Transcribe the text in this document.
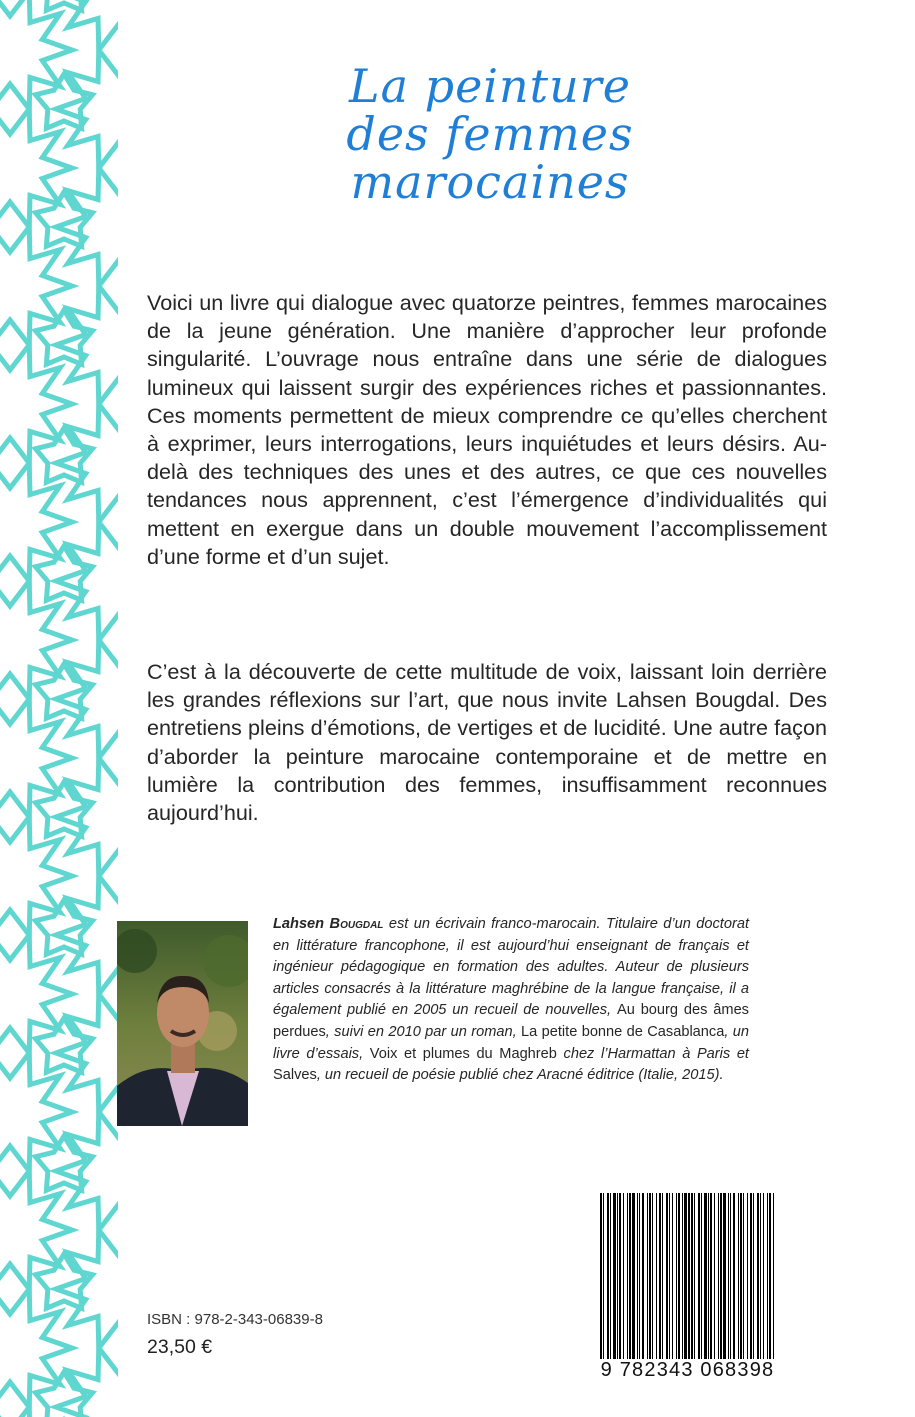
La peinture
des femmes
marocaines

Voici un livre qui dialogue avec quatorze peintres, femmes marocaines de la jeune génération. Une manière d’approcher leur profonde singularité. L’ouvrage nous entraîne dans une série de dialogues lumineux qui laissent surgir des expériences riches et passionnantes. Ces moments permettent de mieux comprendre ce qu’elles cherchent à exprimer, leurs interrogations, leurs inquiétudes et leurs désirs. Au-delà des techniques des unes et des autres, ce que ces nouvelles tendances nous apprennent, c’est l’émergence d’individualités qui mettent en exergue dans un double mouvement l’accomplissement d’une forme et d’un sujet.

C’est à la découverte de cette multitude de voix, laissant loin derrière les grandes réflexions sur l’art, que nous invite Lahsen Bougdal. Des entretiens pleins d’émotions, de vertiges et de lucidité. Une autre façon d’aborder la peinture marocaine contemporaine et de mettre en lumière la contribution des femmes, insuffisamment reconnues aujourd’hui.

Lahsen Bougdal est un écrivain franco-marocain. Titulaire d’un doctorat en littérature francophone, il est aujourd’hui enseignant de français et ingénieur pédagogique en formation des adultes. Auteur de plusieurs articles consacrés à la littérature maghrébine de la langue française, il a également publié en 2005 un recueil de nouvelles, Au bourg des âmes perdues, suivi en 2010 par un roman, La petite bonne de Casablanca, un livre d’essais, Voix et plumes du Maghreb chez l’Harmattan à Paris et Salves, un recueil de poésie publié chez Aracné éditrice (Italie, 2015).

ISBN : 978-2-343-06839-8

23,50 €

9 782343 068398
